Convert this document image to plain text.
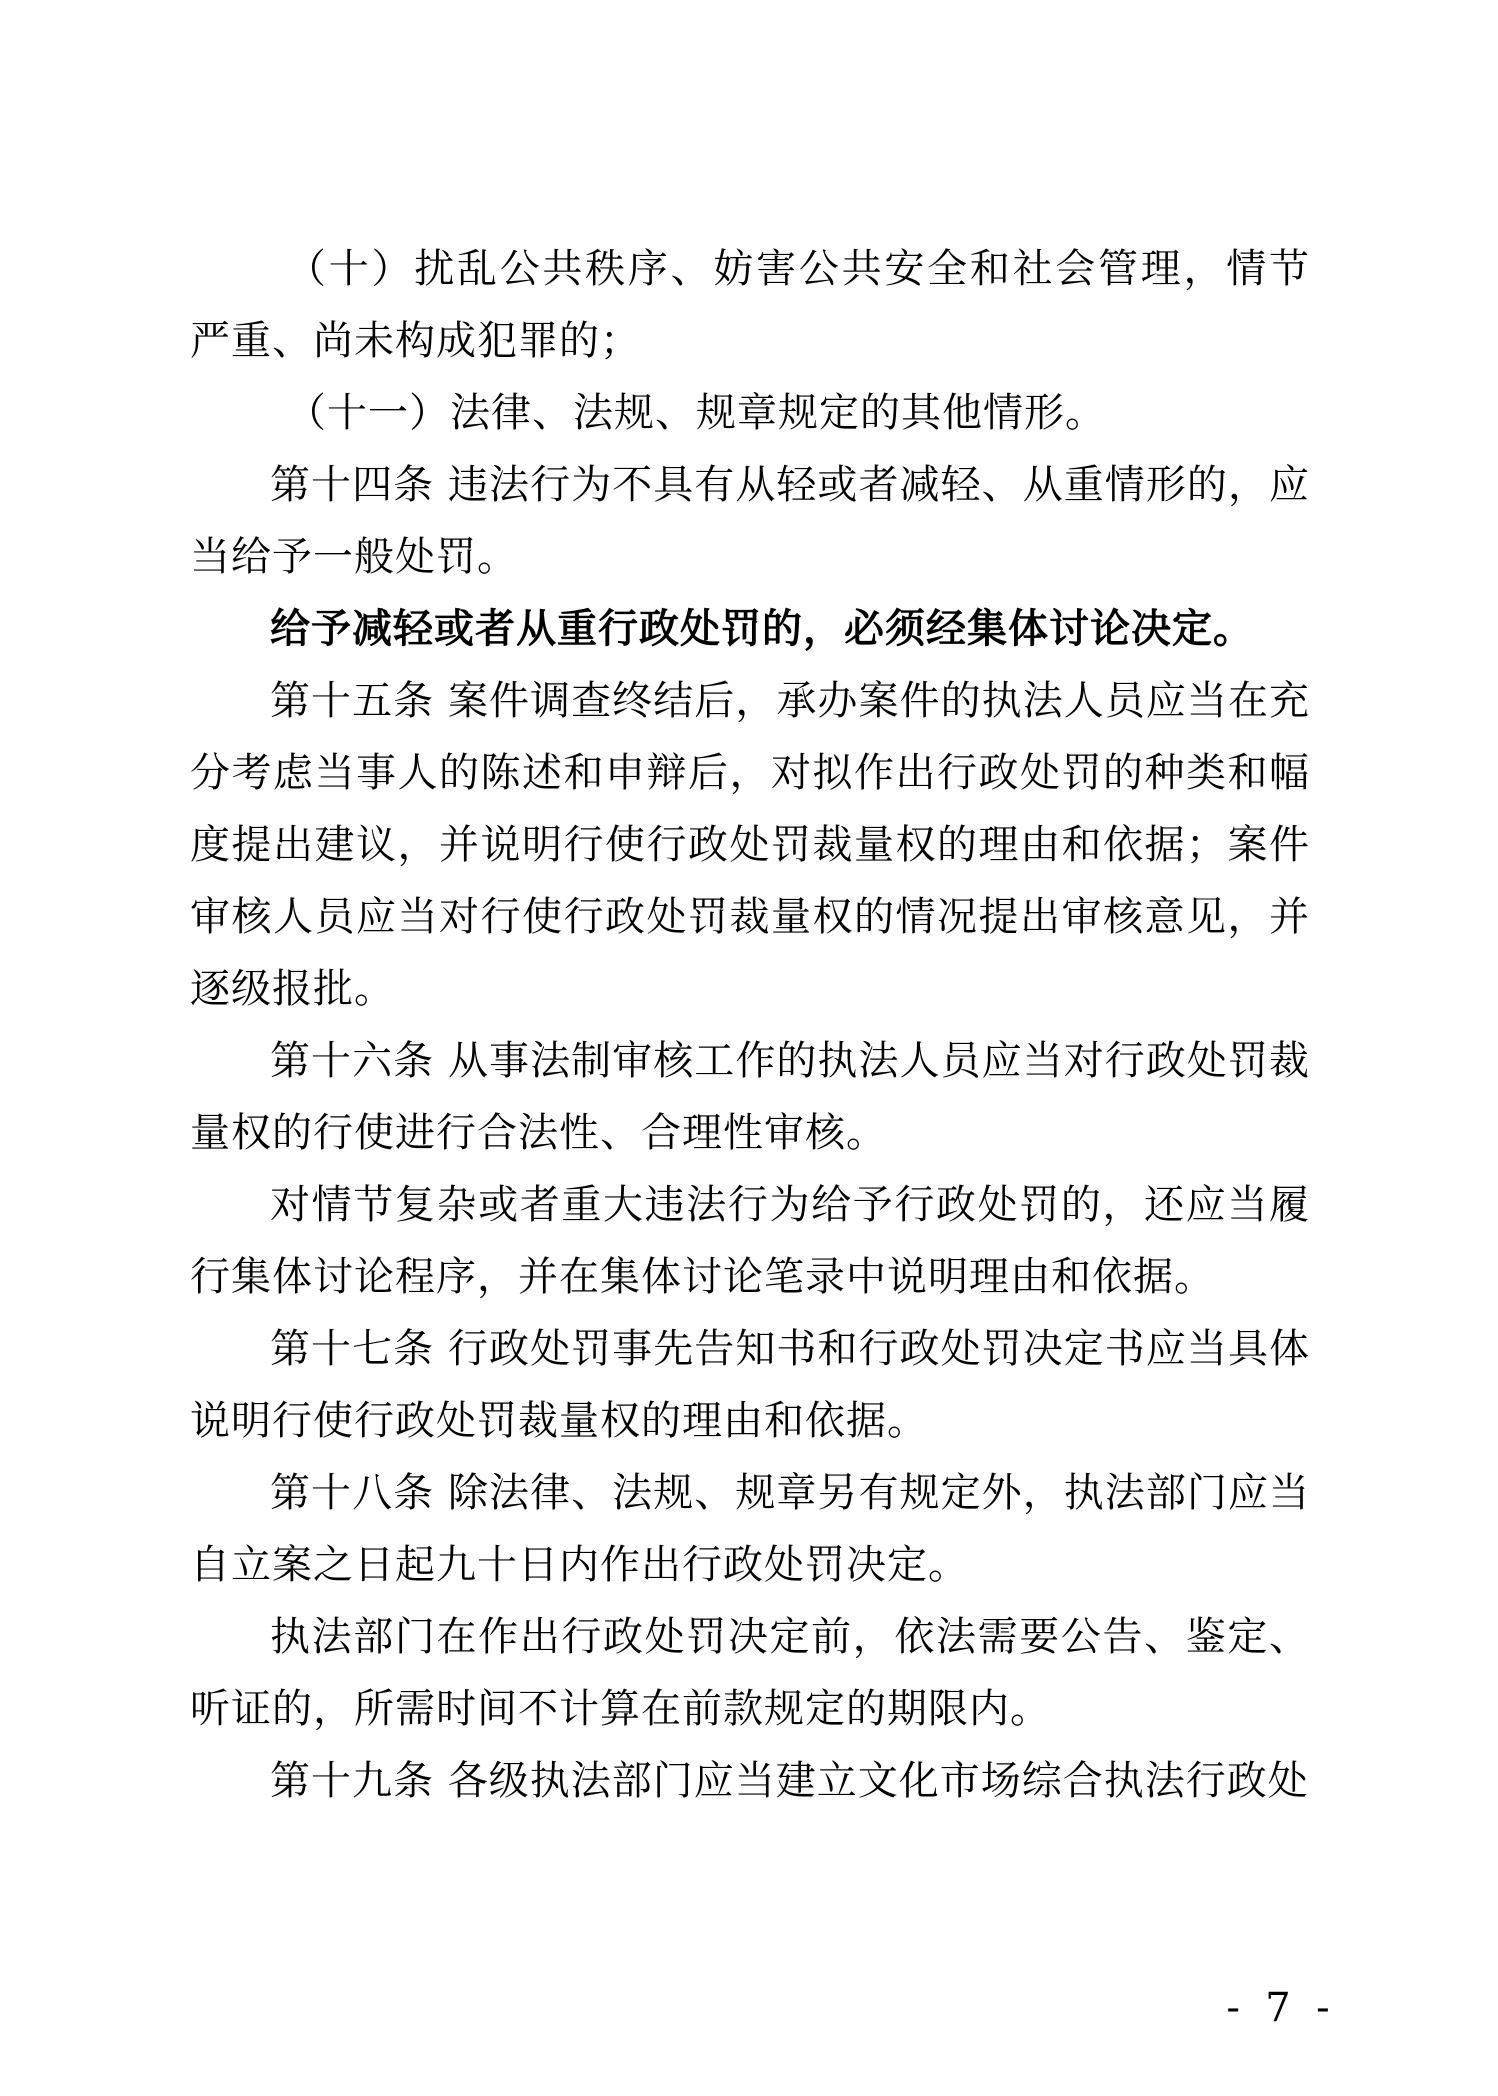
（十）扰乱公共秩序、妨害公共安全和社会管理，情节严重、尚未构成犯罪的；

（十一）法律、法规、规章规定的其他情形。

第十四条 违法行为不具有从轻或者减轻、从重情形的，应当给予一般处罚。

给予减轻或者从重行政处罚的，必须经集体讨论决定。

第十五条 案件调查终结后，承办案件的执法人员应当在充分考虑当事人的陈述和申辩后，对拟作出行政处罚的种类和幅度提出建议，并说明行使行政处罚裁量权的理由和依据；案件审核人员应当对行使行政处罚裁量权的情况提出审核意见，并逐级报批。

第十六条 从事法制审核工作的执法人员应当对行政处罚裁量权的行使进行合法性、合理性审核。

对情节复杂或者重大违法行为给予行政处罚的，还应当履行集体讨论程序，并在集体讨论笔录中说明理由和依据。

第十七条 行政处罚事先告知书和行政处罚决定书应当具体说明行使行政处罚裁量权的理由和依据。

第十八条 除法律、法规、规章另有规定外，执法部门应当自立案之日起九十日内作出行政处罚决定。

执法部门在作出行政处罚决定前，依法需要公告、鉴定、听证的，所需时间不计算在前款规定的期限内。

第十九条 各级执法部门应当建立文化市场综合执法行政处

-  7  -
